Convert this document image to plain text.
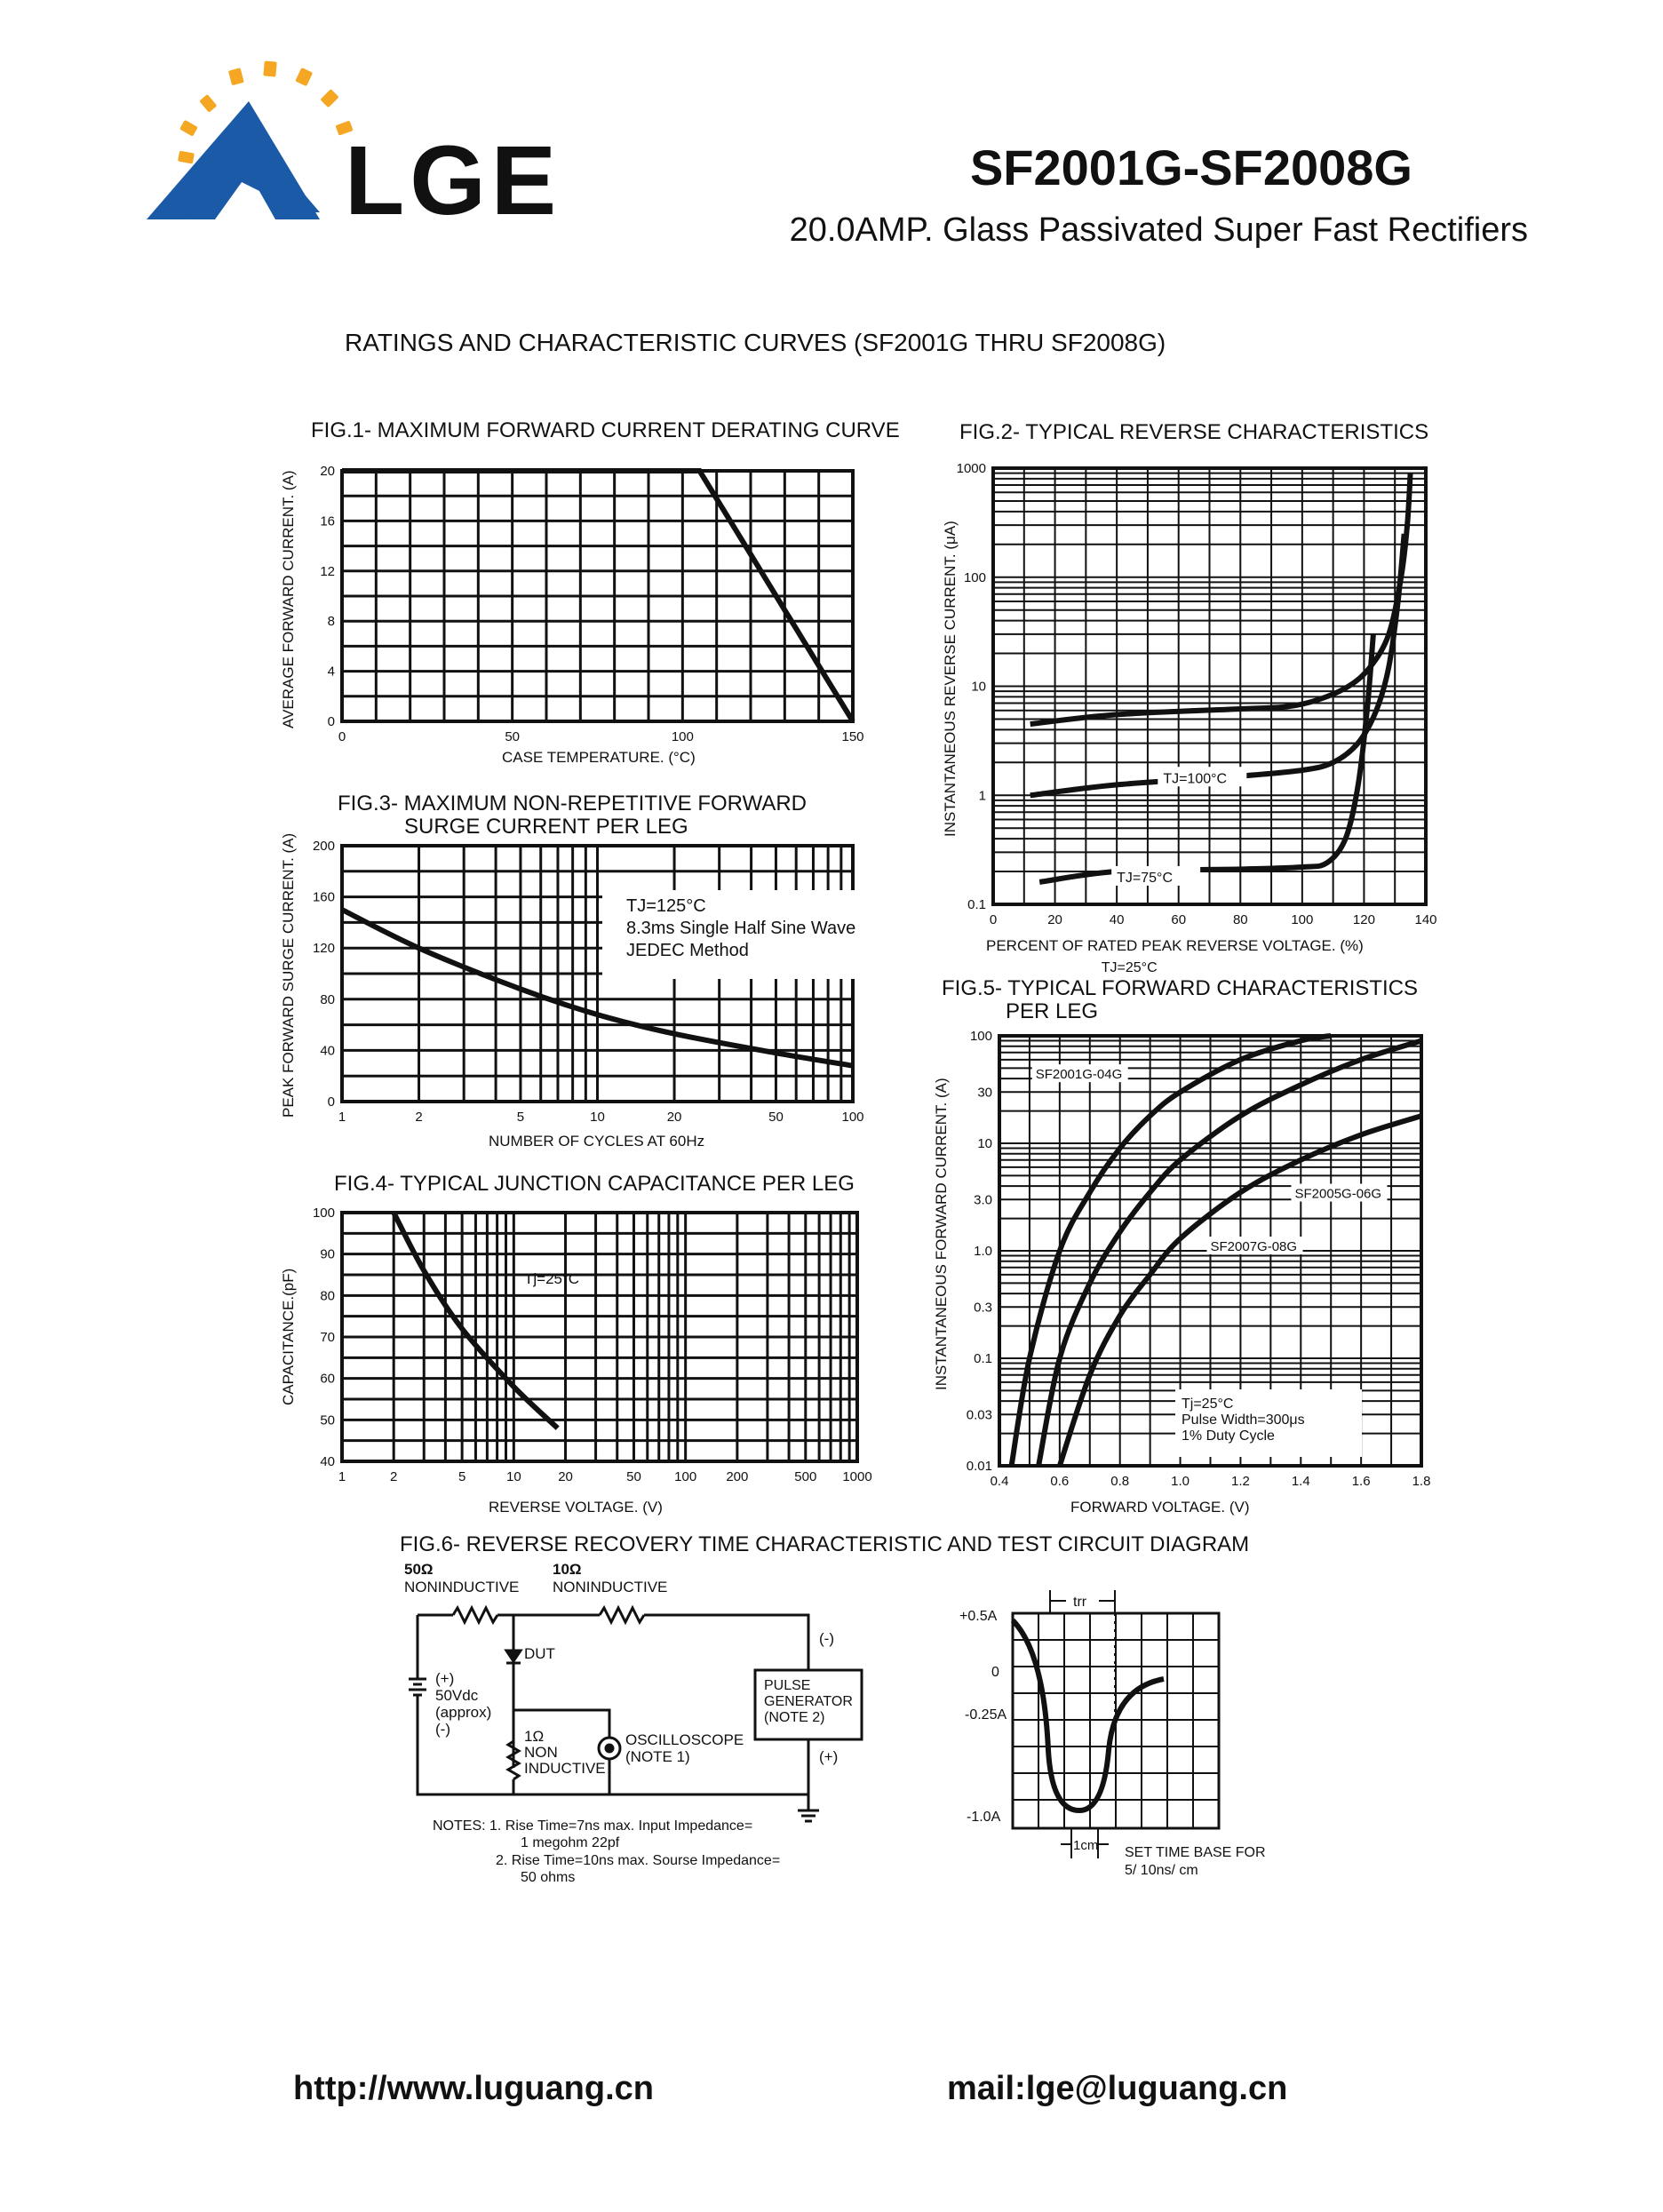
LGE	SF2001G-SF2008G
20.0AMP. Glass Passivated Super Fast Rectifiers
RATINGS AND CHARACTERISTIC CURVES (SF2001G THRU SF2008G)
FIG.1- MAXIMUM FORWARD CURRENT DERATING CURVE
0	50	100	150
0
4
8
12
16
20
CASE TEMPERATURE. (°C)
AVERAGE FORWARD CURRENT. (A)
FIG.2- TYPICAL REVERSE CHARACTERISTICS
0	20	40	60	80	100	120	140
0.1
1
10
100
1000
TJ=100°C
TJ=75°C
TJ=25°C
PERCENT OF RATED PEAK REVERSE VOLTAGE. (%)
INSTANTANEOUS REVERSE CURRENT. (μA)
FIG.3- MAXIMUM NON-REPETITIVE FORWARD
SURGE CURRENT PER LEG
1	2	5	10	20	50	100
0
40
80
120
160
200
TJ=125°C
8.3ms Single Half Sine Wave
JEDEC Method
NUMBER OF CYCLES AT 60Hz
PEAK FORWARD SURGE CURRENT. (A)
FIG.4- TYPICAL JUNCTION CAPACITANCE PER LEG
1	2	5	10	20	50 100 200	500 1000
40
50
60
70
80
90
100
Tj=25°C
REVERSE VOLTAGE. (V)
CAPACITANCE.(pF)
FIG.5- TYPICAL FORWARD CHARACTERISTICS
PER LEG
0.4	0.6	0.8	1.0	1.2	1.4	1.6	1.8
0.01
0.03
0.1
0.3
1.0
3.0
10
30
100
Tj=25°C
Pulse Width=300μs
1% Duty Cycle
SF2001G-04G
SF2005G-06G
SF2007G-08G
FORWARD VOLTAGE. (V)
INSTANTANEOUS FORWARD CURRENT. (A)
FIG.6- REVERSE RECOVERY TIME CHARACTERISTIC AND TEST CIRCUIT DIAGRAM
50Ω
NONINDUCTIVE
10Ω
NONINDUCTIVE
DUT
(+)
50Vdc
(approx)
(-)	1Ω
NON
INDUCTIVE
OSCILLOSCOPE
(NOTE 1)
PULSE
GENERATOR
(NOTE 2)
(-)
(+)
NOTES: 1. Rise Time=7ns max. Input Impedance=
1 megohm 22pf
2. Rise Time=10ns max. Sourse Impedance=
50 ohms
trr
+0.5A
0
-0.25A
-1.0A
1cm SET TIME BASE FOR
5/ 10ns/ cm
http://www.luguang.cn	mail:lge@luguang.cn
